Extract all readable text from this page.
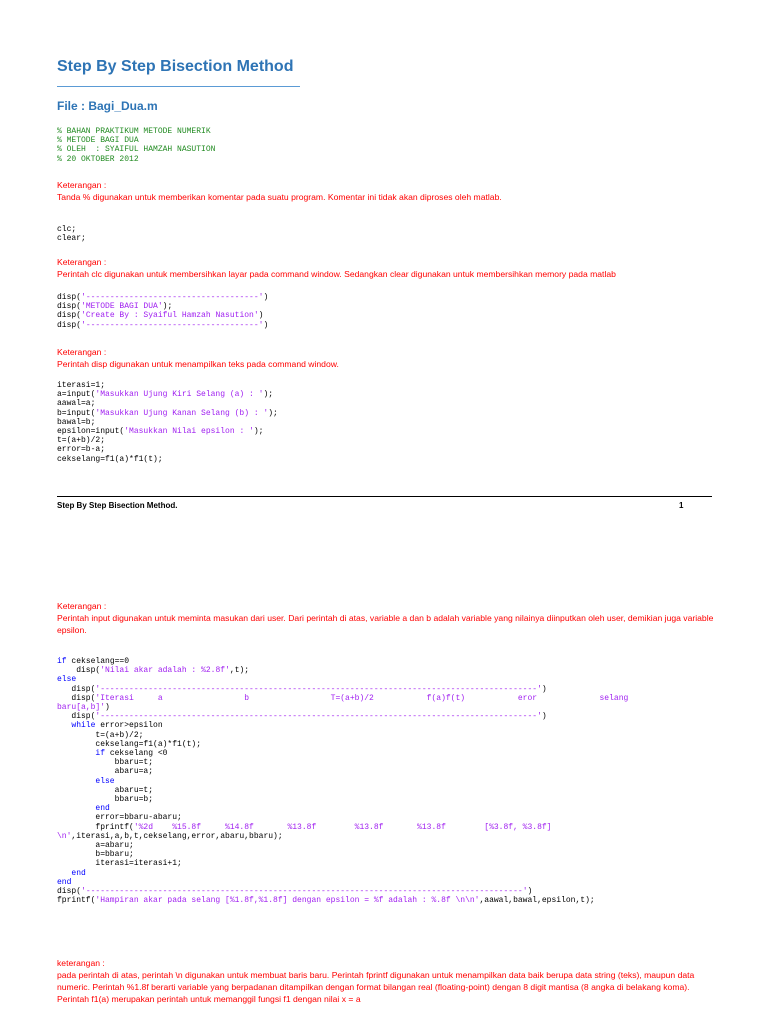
Step By Step Bisection Method
File : Bagi_Dua.m
% BAHAN PRAKTIKUM METODE NUMERIK
% METODE BAGI DUA
% OLEH  : SYAIFUL HAMZAH NASUTION
% 20 OKTOBER 2012
Keterangan :
Tanda % digunakan untuk memberikan komentar pada suatu program. Komentar ini tidak akan diproses oleh matlab.
clc;
clear;
Keterangan :
Perintah clc digunakan untuk membersihkan layar pada command window. Sedangkan clear digunakan untuk membersihkan memory pada matlab
disp('------------------------------------')
disp('METODE BAGI DUA');
disp('Create By : Syaiful Hamzah Nasution')
disp('------------------------------------')
Keterangan :
Perintah disp digunakan untuk menampilkan teks pada command window.
iterasi=1;
a=input('Masukkan Ujung Kiri Selang (a) : ');
aawal=a;
b=input('Masukkan Ujung Kanan Selang (b) : ');
bawal=b;
epsilon=input('Masukkan Nilai epsilon : ');
t=(a+b)/2;
error=b-a;
cekselang=f1(a)*f1(t);
Step By Step Bisection Method.	1
Keterangan :
Perintah input digunakan untuk meminta masukan dari user. Dari perintah di atas, variable a dan b adalah variable yang nilainya diinputkan oleh user, demikian juga variable epsilon.
if cekselang==0
disp('Nilai akar adalah : %2.8f',t);
else
disp('-------------------------------------------------------------------------------------------')
disp('Iterasi     a                 b                 T=(a+b)/2           f(a)f(t)           eror             selang
baru[a,b]')
disp('-------------------------------------------------------------------------------------------')
while error>epsilon
t=(a+b)/2;
cekselang=f1(a)*f1(t);
if cekselang <0
bbaru=t;
abaru=a;
else
abaru=t;
bbaru=b;
end
error=bbaru-abaru;
fprintf('%2d    %15.8f     %14.8f       %13.8f        %13.8f       %13.8f        [%3.8f, %3.8f]
\n',iterasi,a,b,t,cekselang,error,abaru,bbaru);
a=abaru;
b=bbaru;
iterasi=iterasi+1;
end
end
disp('-------------------------------------------------------------------------------------------')
fprintf('Hampiran akar pada selang [%1.8f,%1.8f] dengan epsilon = %f adalah : %.8f \n\n',aawal,bawal,epsilon,t);
keterangan :
pada perintah di atas, perintah \n digunakan untuk membuat baris baru. Perintah fprintf digunakan untuk menampilkan data baik berupa data string (teks), maupun data numeric. Perintah %1.8f berarti variable yang berpadanan ditampilkan dengan format bilangan real (floating-point) dengan 8 digit mantisa (8 angka di belakang koma). Perintah f1(a) merupakan perintah untuk memanggil fungsi f1 dengan nilai x = a
